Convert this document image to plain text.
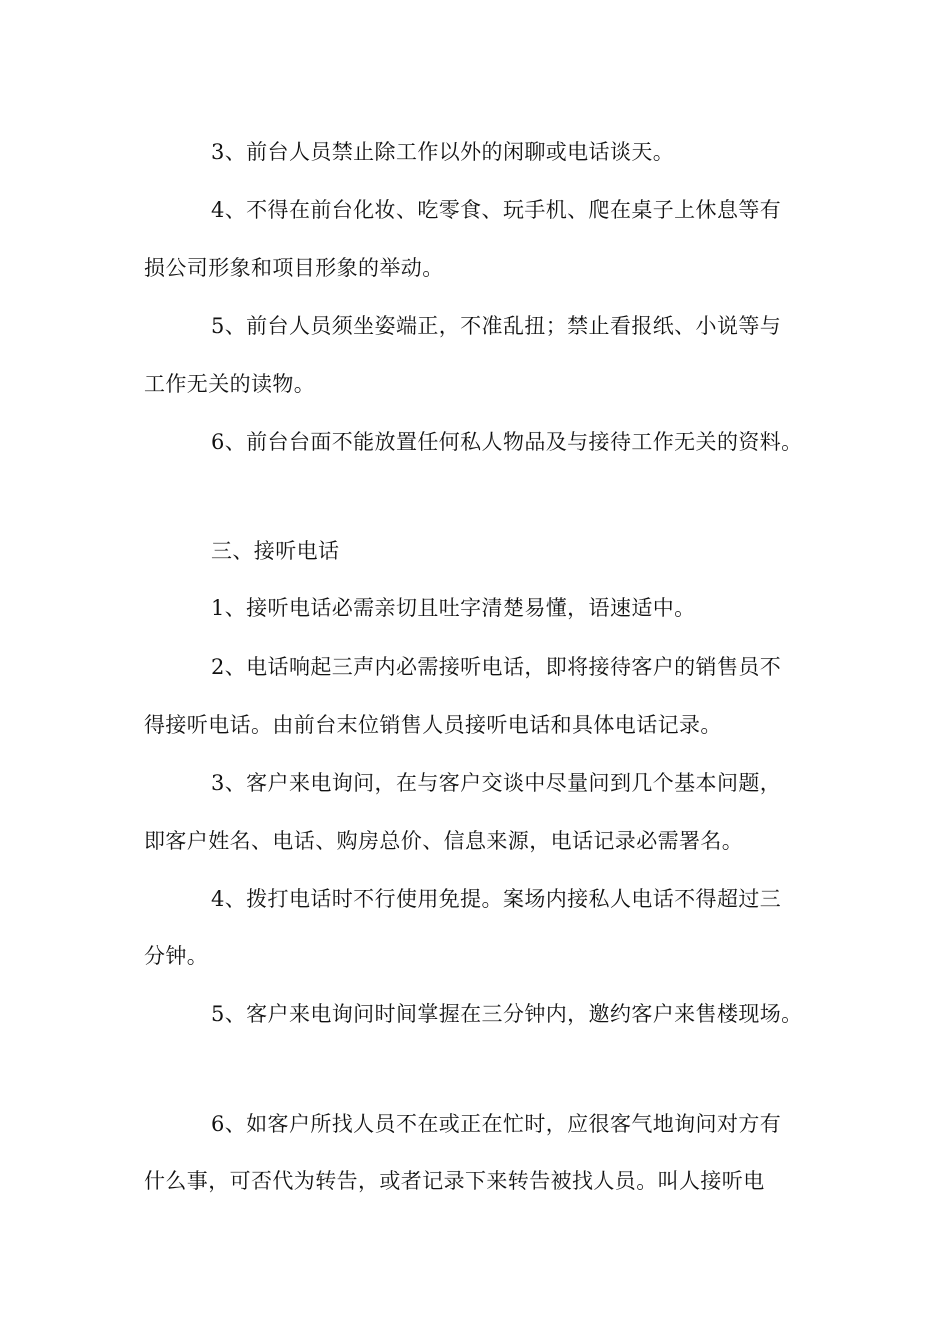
3、前台人员禁止除工作以外的闲聊或电话谈天。
4、不得在前台化妆、吃零食、玩手机、爬在桌子上休息等有
损公司形象和项目形象的举动。
5、前台人员须坐姿端正，不准乱扭；禁止看报纸、小说等与
工作无关的读物。
6、前台台面不能放置任何私人物品及与接待工作无关的资料。
三、接听电话
1、接听电话必需亲切且吐字清楚易懂，语速适中。
2、电话响起三声内必需接听电话，即将接待客户的销售员不
得接听电话。由前台末位销售人员接听电话和具体电话记录。
3、客户来电询问，在与客户交谈中尽量问到几个基本问题，
即客户姓名、电话、购房总价、信息来源，电话记录必需署名。
4、拨打电话时不行使用免提。案场内接私人电话不得超过三
分钟。
5、客户来电询问时间掌握在三分钟内，邀约客户来售楼现场。
6、如客户所找人员不在或正在忙时，应很客气地询问对方有
什么事，可否代为转告，或者记录下来转告被找人员。叫人接听电
